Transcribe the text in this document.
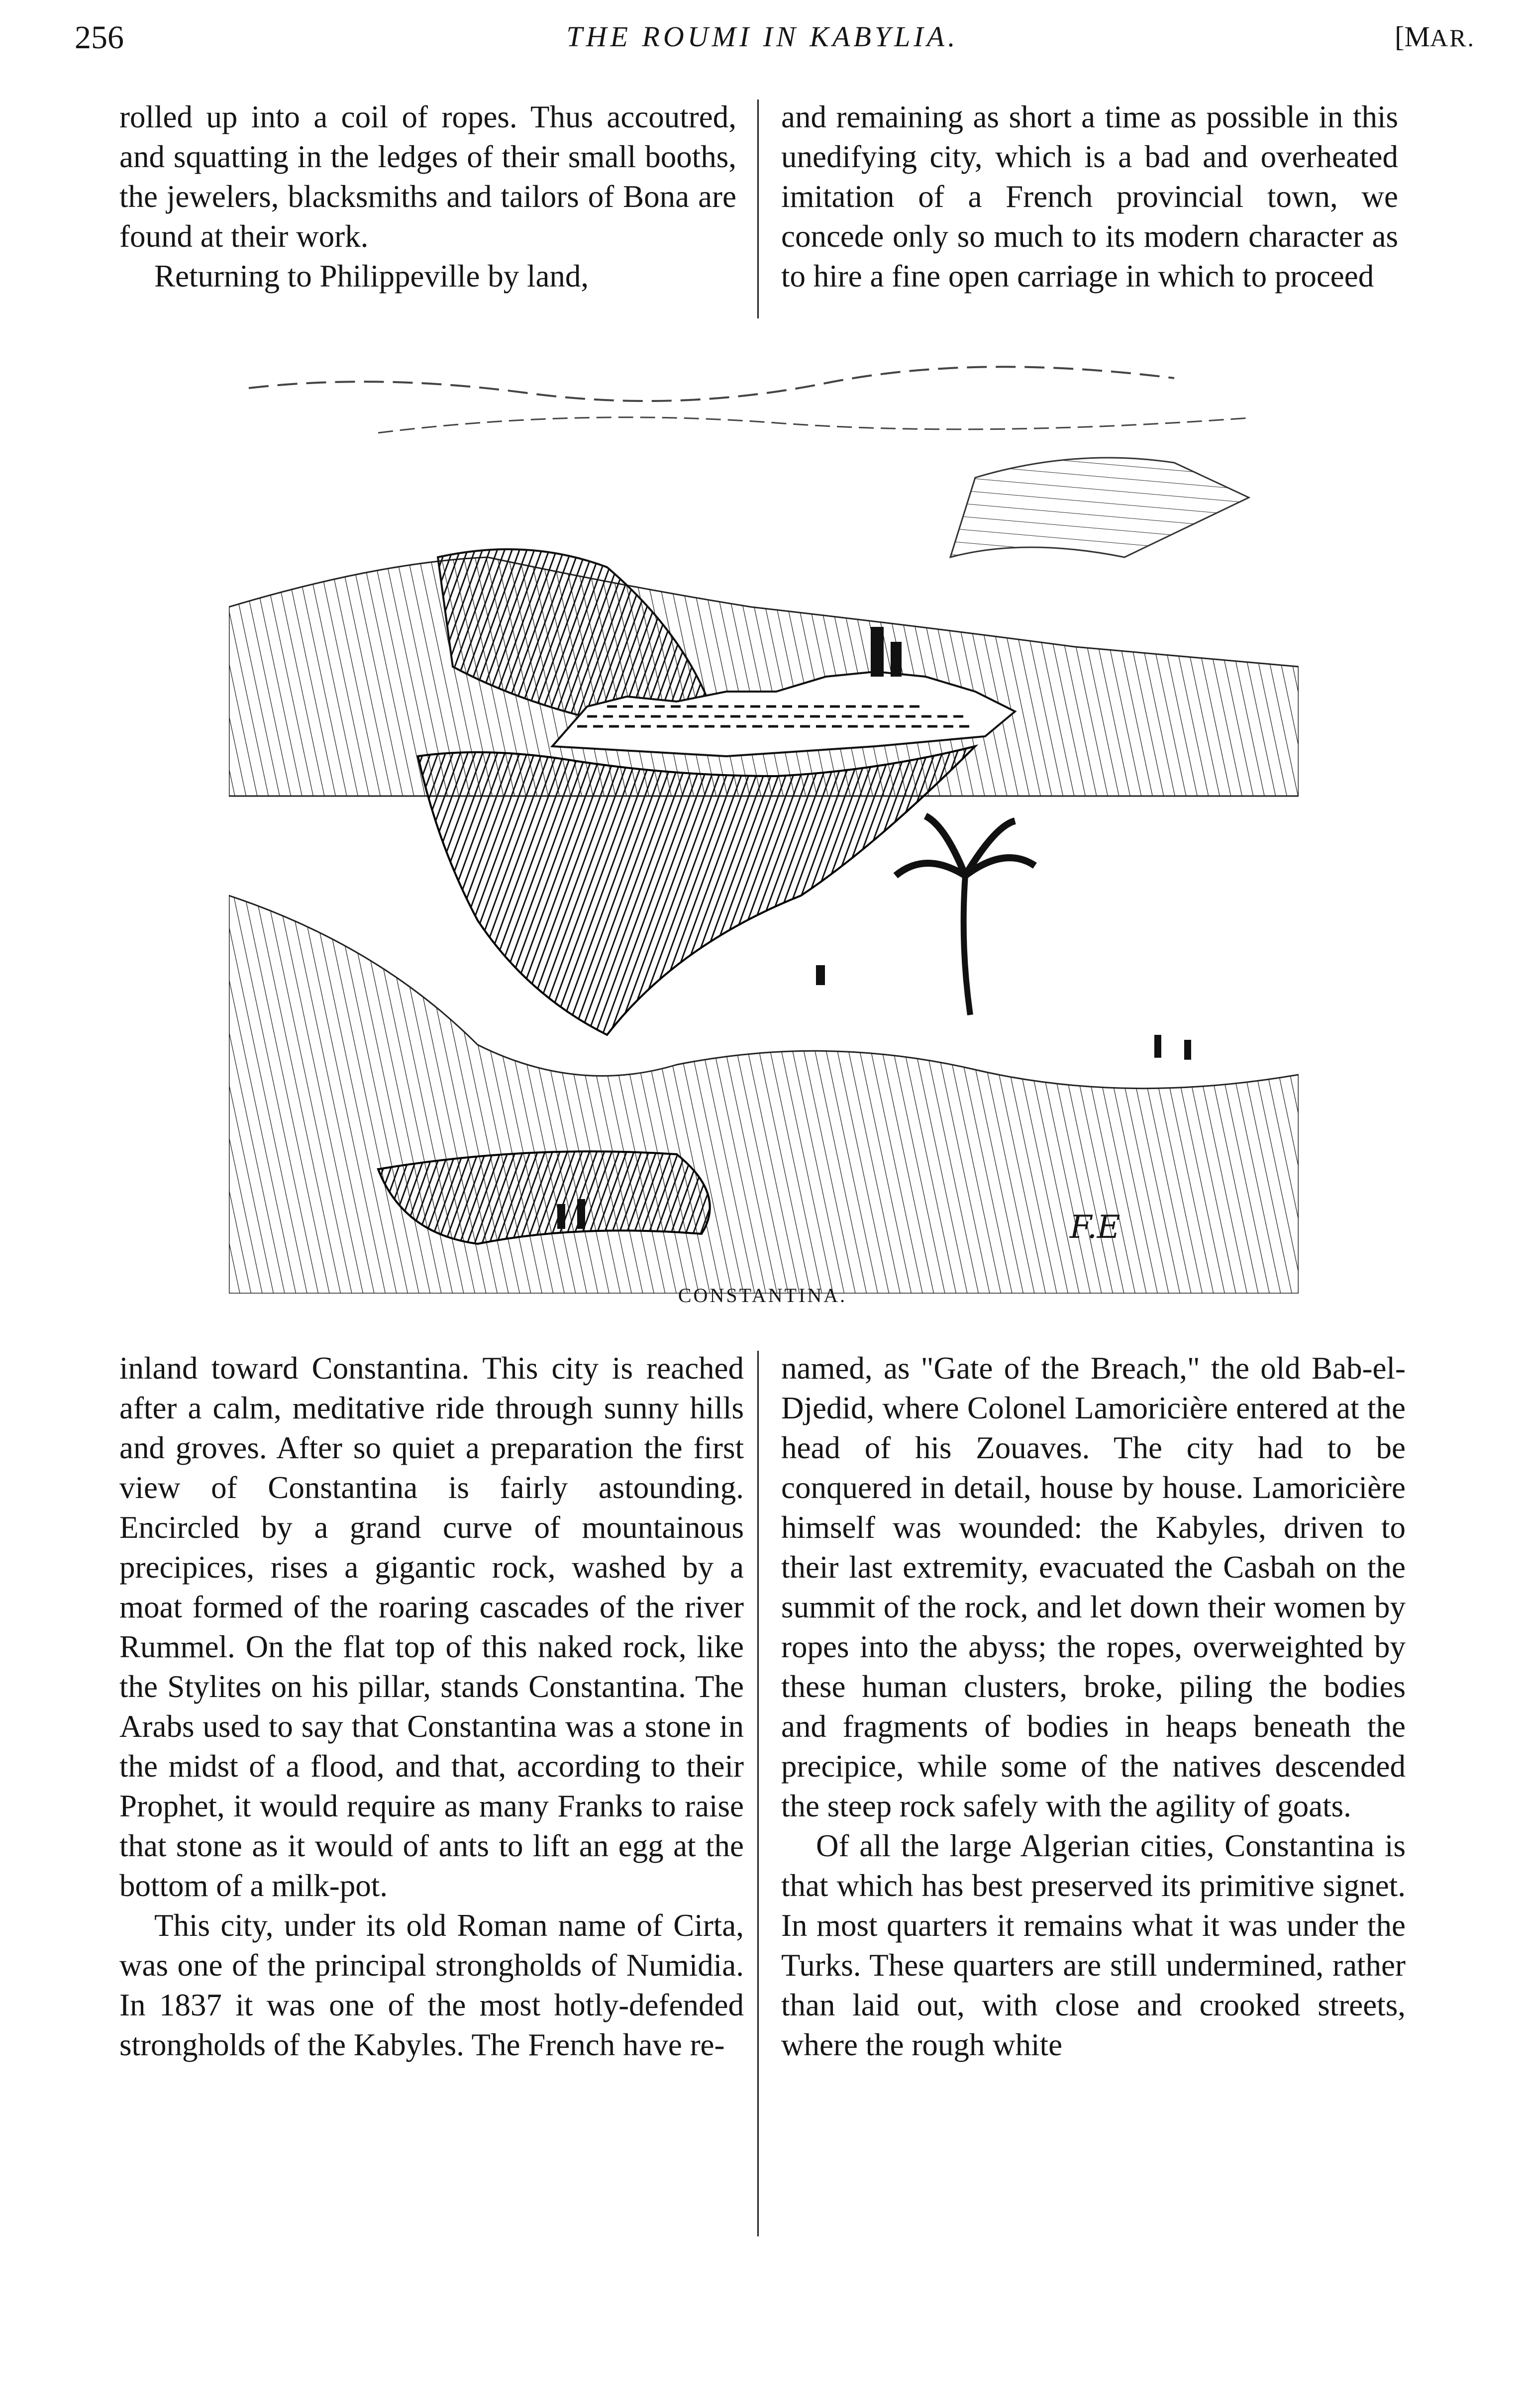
256	THE ROUMI IN KABYLIA.	[MAR.

rolled up into a coil of ropes. Thus accoutred, and squatting in the ledges of their small booths, the jewelers, blacksmiths and tailors of Bona are found at their work.

Returning to Philippeville by land,

and remaining as short a time as possible in this unedifying city, which is a bad and overheated imitation of a French provincial town, we concede only so much to its modern character as to hire a fine open carriage in which to proceed

F.E
CONSTANTINA.

inland toward Constantina. This city is reached after a calm, meditative ride through sunny hills and groves. After so quiet a preparation the first view of Constantina is fairly astounding. Encircled by a grand curve of mountainous precipices, rises a gigantic rock, washed by a moat formed of the roaring cascades of the river Rummel. On the flat top of this naked rock, like the Stylites on his pillar, stands Constantina. The Arabs used to say that Constantina was a stone in the midst of a flood, and that, according to their Prophet, it would require as many Franks to raise that stone as it would of ants to lift an egg at the bottom of a milk-pot.

This city, under its old Roman name of Cirta, was one of the principal strongholds of Numidia. In 1837 it was one of the most hotly-defended strongholds of the Kabyles. The French have re-

named, as "Gate of the Breach," the old Bab-el-Djedid, where Colonel Lamoricière entered at the head of his Zouaves. The city had to be conquered in detail, house by house. Lamoricière himself was wounded: the Kabyles, driven to their last extremity, evacuated the Casbah on the summit of the rock, and let down their women by ropes into the abyss; the ropes, overweighted by these human clusters, broke, piling the bodies and fragments of bodies in heaps beneath the precipice, while some of the natives descended the steep rock safely with the agility of goats.

Of all the large Algerian cities, Constantina is that which has best preserved its primitive signet. In most quarters it remains what it was under the Turks. These quarters are still undermined, rather than laid out, with close and crooked streets, where the rough white
